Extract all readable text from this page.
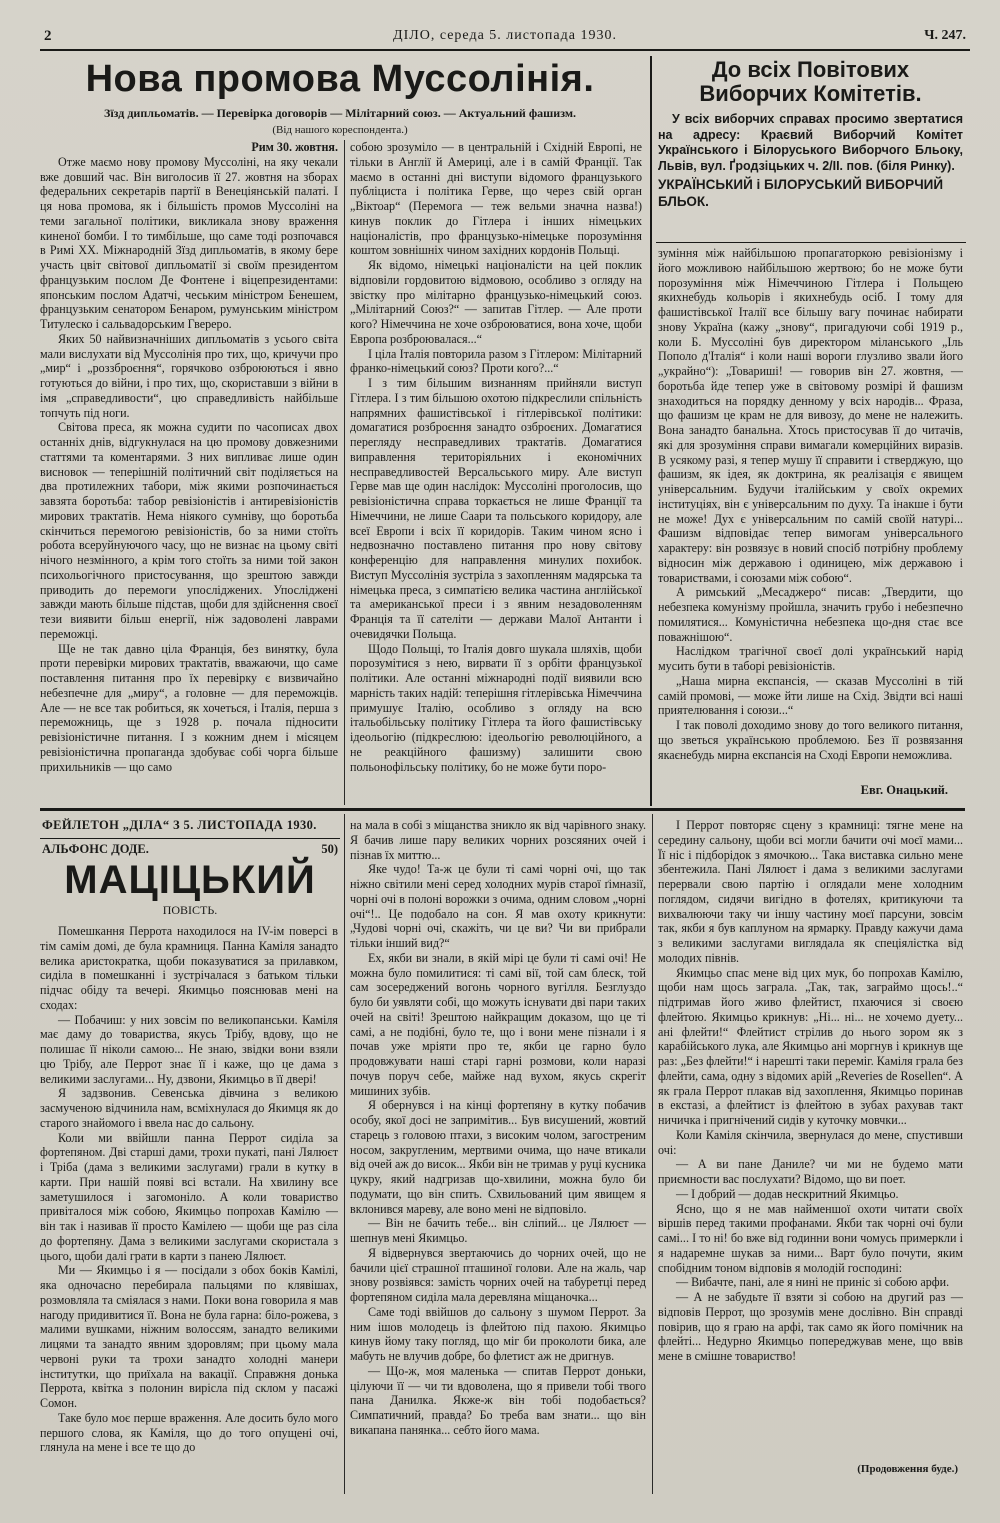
2	ДІЛО, середа 5. листопада 1930.	Ч. 247.
Нова промова Муссолінія.
Зїзд дипльоматів. — Перевірка договорів — Мілітарний союз. — Актуальний фашизм.
(Від нашого кореспондента.)

Рим 30. жовтня.

Отже маємо нову промову Муссоліні, на яку чекали вже довший час. Він виголосив її 27. жовтня на зборах федеральних секретарів партії в Венеціянській палаті. І ця нова промова, як і більшість промов Муссоліні на теми загальної політики, викликала знову враження киненої бомби. І то тимбільше, що саме тоді розпочався в Римі XX. Міжнародній Зїзд дипльоматів, в якому бере участь цвіт світової дипльоматії зі своїм президентом французьким послом Де Фонтене і віцепрезидентами: японським послом Адатчі, чеським міністром Бенешем, французьким сенатором Бенаром, румунським міністром Титулеско і сальвадорським Гвереро.

Яких 50 найвизначніших дипльоматів з усього світа мали вислухати від Муссолінія про тих, що, кричучи про „мир“ і „роззброєння“, горячково озброюються і явно готуються до війни, і про тих, що, скориставши з війни в імя „справедливости“, цю справедливість найбільше топчуть під ноги.

Світова преса, як можна судити по часописах двох останніх днів, відгукнулася на цю промову довжезними статтями та коментарями. З них випливає лише один висновок — теперішній політичний світ поділяється на два протилежних табори, між якими розпочинається завзята боротьба: табор ревізіоністів і антиревізіоністів мирових трактатів. Нема ніякого сумніву, що боротьба скінчиться перемогою ревізіоністів, бо за ними стоїть робота всеруйнуючого часу, що не визнає на цьому світі нічого незмінного, а крім того стоїть за ними той закон психольогічного пристосування, що зрештою завжди приводить до перемоги упосліджених. Упосліджені завжди мають більше підстав, щоби для здійснення своєї тези виявити більш енергії, ніж задоволені лаврами переможці.

Ще не так давно ціла Франція, без винятку, була проти перевірки мирових трактатів, вважаючи, що саме поставлення питання про їх перевірку є визвичайно небезпечне для „миру“, а головне — для переможців. Але — не все так робиться, як хочеться, і Італія, перша з переможниць, ще з 1928 р. почала підносити ревізіоністичне питання. І з кожним днем і місяцем ревізіоністична пропаганда здобуває собі чорга більше прихильників — що само

собою зрозуміло — в центральній і Східній Европі, не тільки в Англії й Америці, але і в самій Франції. Так маємо в останні дні виступи відомого французького публіциста і політика Герве, що через свій орган „Віктоар“ (Перемога — теж вельми значна назва!) кинув поклик до Гітлера і інших німецьких націоналістів, про французько-німецьке порозуміння коштом зовнішніх чином західних кордонів Польщі.

Як відомо, німецькі націоналісти на цей поклик відповіли гордовитою відмовою, особливо з огляду на звістку про мілітарно французько-німецький союз. „Мілітарний Союз?“ — запитав Гітлер. — Але проти кого? Німеччина не хоче озброюватися, вона хоче, щоби Европа розброювалася...“

І ціла Італія повторила разом з Гітлером: Мілітарний франко-німецький союз? Проти кого?...“

І з тим більшим визнанням прийняли виступ Гітлера. І з тим більшою охотою підкреслили спільність напрямних фашистівської і гітлерівської політики: домагатися розброєння занадто озброєних. Домагатися перегляду несправедливих трактатів. Домагатися виправлення територіяльних і економічних несправедливостей Версальського миру. Але виступ Герве мав ще один наслідок: Муссоліні проголосив, що ревізіоністична справа торкається не лише Франції та Німеччини, не лише Саари та польського коридору, але всеї Европи і всіх її коридорів. Таким чином ясно і недвозначно поставлено питання про нову світову конференцію для направлення минулих похибок. Виступ Муссолінія зустріла з захопленням мадярська та німецька преса, з симпатією велика частина англійської та американської преси і з явним незадоволенням Франція та її сателіти — держави Малої Антанти і очевидячки Польща.

Щодо Польщі, то Італія довго шукала шляхів, щоби порозумітися з нею, вирвати її з орбіти французької політики. Але останні міжнародні події виявили всю марність таких надій: теперішня гітлерівська Німеччина примушує Італію, особливо з огляду на всю італьобільську політику Гітлера та його фашистівську ідеольогію (підкреслюю: ідеольогію революційного, а не реакційного фашизму) залишити свою польонофільську політику, бо не може бути поро-

До всіх Повітових
Виборчих Комітетів.

У всіх виборчих справах просимо звертатися на адресу: Краєвий Виборчий Комітет Українського і Білоруського Виборчого Бльоку, Львів, вул. Ґродзіцьких ч. 2/II. пов. (біля Ринку).

УКРАЇНСЬКИЙ і БІЛОРУСЬКИЙ ВИБОРЧИЙ БЛЬОК.

зуміння між найбільшою пропагаторкою ревізіонізму і його можливою найбільшою жертвою; бо не може бути порозуміння між Німеччиною Гітлера і Польщею якихнебудь кольорів і якихнебудь осіб. І тому для фашистівської Італії все більшу вагу починає набирати знову Україна (кажу „знову“, пригадуючи собі 1919 р., коли Б. Муссоліні був директором міланського „Іль Пополо д'Італія“ і коли наші вороги глузливо звали його „украйно“): „Товариші! — говорив він 27. жовтня, — боротьба йде тепер уже в світовому розмірі й фашизм знаходиться на порядку денному у всіх народів... Фраза, що фашизм це крам не для вивозу, до мене не належить. Вона занадто банальна. Хтось пристосував її до читачів, які для зрозуміння справи вимагали комерційних виразів. В усякому разі, я тепер мушу її справити і стверджую, що фашизм, як ідея, як доктрина, як реалізація є явищем універсальним. Будучи італійським у своїх окремих інституціях, він є універсальним по духу. Та інакше і бути не може! Дух є універсальним по самій своїй натурі... Фашизм відповідає тепер вимогам універсального характеру: він розвязує в новий спосіб потрібну проблему відносин між державою і одиницею, між державою і товариствами, і союзами між собою“.

А римський „Месаджеро“ писав: „Твердити, що небезпека комунізму пройшла, значить грубо і небезпечно помилятися... Комуністична небезпека що-дня стає все поважнішою“.

Наслідком трагічної своєї долі український нарід мусить бути в таборі ревізіоністів.

„Наша мирна експансія, — сказав Муссоліні в тій самій промові, — може йти лише на Схід. Звідти всі наші приятелювання і союзи...“

І так поволі доходимо знову до того великого питання, що зветься українською проблемою. Без її розвязання якаєнебудь мирна експансія на Сході Европи неможлива.

Евг. Онацький.
ФЕЙЛЕТОН „ДІЛА“ З 5. ЛИСТОПАДА 1930.
АЛЬФОНС ДОДЕ.	50)
МАЦІЦЬКИЙ
ПОВІСТЬ.

Помешкання Перрота находилося на IV-ім поверсі в тім самім домі, де була крамниця. Панна Каміля занадто велика аристократка, щоби показуватися за прилавком, сиділа в помешканні і зустрічалася з батьком тільки підчас обіду та вечері. Якимцьо пояснював мені на сходах:

— Побачиш: у них зовсім по великопанськи. Каміля має даму до товариства, якусь Трібу, вдову, що не полишає її ніколи самою... Не знаю, звідки вони взяли цю Трібу, але Перрот знає її і каже, що це дама з великими заслугами... Ну, дзвони, Якимцьо в її двері!

Я задзвонив. Севенська дівчина з великою засмученою відчинила нам, всміхнулася до Якимця як до старого знайомого і ввела нас до сальону.

Коли ми ввійшли панна Перрот сиділа за фортепяном. Дві старші дами, трохи пукаті, пані Лялюєт і Тріба (дама з великими заслугами) грали в кутку в карти. При нашій появі всі встали. На хвилину все заметушилося і загомоніло. А коли товариство привіталося між собою, Якимцьо попрохав Камілю — він так і називав її просто Камілею — щоби ще раз сіла до фортепяну. Дама з великими заслугами скористала з цього, щоби далі грати в карти з панею Лялюєт.

Ми — Якимцьо і я — посідали з обох боків Камілі, яка одночасно перебирала пальцями по клявішах, розмовляла та сміялася з нами. Поки вона говорила я мав нагоду придивитися її. Вона не була гарна: біло-рожева, з малими вушками, ніжним волоссям, занадто великими лицями та занадто явним здоровлям; при цьому мала червоні руки та трохи занадто холодні манери інститутки, що приїхала на вакації. Справжня донька Перрота, квітка з полонин вирісла під склом у пасажі Сомон.

Таке було моє перше враження. Але досить було мого першого слова, як Каміля, що до того опущені очі, глянула на мене і все те що до

на мала в собі з міщанства зникло як від чарівного знаку. Я бачив лише пару великих чорних розсяяних очей і пізнав їх миттю...

Яке чудо! Та-ж це були ті самі чорні очі, що так ніжно світили мені серед холодних мурів старої ґімназії, чорні очі в полоні ворожки з очима, одним словом „чорні очі“!.. Це подобало на сон. Я мав охоту крикнути: „Чудові чорні очі, скажіть, чи це ви? Чи ви прибрали тільки інший вид?“

Ех, якби ви знали, в якій мірі це були ті самі очі! Не можна було помилитися: ті самі вії, той сам блеск, той сам зосереджений вогонь чорного вугілля. Безглуздо було би уявляти собі, що можуть існувати дві пари таких очей на світі! Зрештою найкращим доказом, що це ті самі, а не подібні, було те, що і вони мене пізнали і я почав уже мріяти про те, якби це гарно було продовжувати наші старі гарні розмови, коли наразі почув поруч себе, майже над вухом, якусь скрегіт мишиних зубів.

Я обернувся і на кінці фортепяну в кутку побачив особу, якої досі не запримітив... Був висушений, жовтий старець з головою птахи, з високим чолом, загостреним носом, закругленим, мертвими очима, що наче втикали від очей аж до висок... Якби він не тримав у руці кусника цукру, який надгризав що-хвилини, можна було би подумати, що він спить. Схвильований цим явищем я вклонився мареву, але воно мені не відповіло.

— Він не бачить тебе... він сліпий... це Лялюєт — шепнув мені Якимцьо.

Я відвернувся звертаючись до чорних очей, що не бачили цієї страшної пташиної голови. Але на жаль, чар знову розвіявся: замість чорних очей на табуретці перед фортепяном сиділа мала деревляна міщаночка...

Саме тоді ввійшов до сальону з шумом Перрот. За ним ішов молодець із флейтою під пахою. Якимцьо кинув йому таку погляд, що мiг би проколоти бика, але мабуть не влучив добре, бо флетист аж не дригнув.

— Що-ж, моя маленька — спитав Перрот доньки, цілуючи її — чи ти вдоволена, що я привели тобі твого пана Данилка. Якже-ж він тобі подобається? Симпатичний, правда? Бо треба вам знати... що він викапана панянка... себто його мама.

І Перрот повторяє сцену з крамниці: тягне мене на середину сальону, щоби всі могли бачити очі моєї мами... Її ніс і підборідок з ямочкою... Така виставка сильно мене збентежила. Пані Лялюєт і дама з великими заслугами перервали свою партію і оглядали мене холодним поглядом, сидячи вигідно в фотелях, критикуючи та вихвалюючи таку чи іншу частину моєї парсуни, зовсім так, якби я був каплуном на ярмарку. Правду кажучи дама з великими заслугами виглядала як спеціялістка від молодих півнів.

Якимцьо спас мене від цих мук, бо попрохав Камілю, щоби нам щось заграла. „Так, так, заграймо щось!..“ підтримав його живо флейтист, пхаючися зі своєю флейтою. Якимцьо крикнув: „Ні... ні... не хочемо дуету... ані флейти!“ Флейтист стрілив до нього зором як з карабійського лука, але Якимцьо ані моргнув і крикнув ще раз: „Без флейти!“ і нарешті таки переміг. Каміля грала без флейти, сама, одну з відомих арій „Reveries de Rosellen“. А як грала Перрот плакав від захоплення, Якимцьо поринав в екстазі, а флейтист із флейтою в зубах рахував такт ничичка і пригнічений сидів у куточку мовчки...

Коли Каміля скінчила, звернулася до мене, спустивши очі:

— А ви пане Даниле? чи ми не будемо мати приємности вас послухати? Відомо, що ви поет.

— І добрий — додав нескритний Якимцьо.

Ясно, що я не мав найменшої охоти читати своїх віршів перед такими профанами. Якби так чорні очі були самі... І то ні! бо вже від годинни вони чомусь примеркли і я надаремне шукав за ними... Варт було почути, яким спобідним тоном відповів я молодій господині:

— Вибачте, пані, але я нині не приніс зі собою арфи.

— А не забудьте її взяти зі собою на другий раз — відповів Перрот, що зрозумів мене дослівно. Він справді повірив, що я граю на арфі, так само як його помічник на флейті... Недурно Якимцьо попереджував мене, що ввів мене в смішне товариство!

(Продовження буде.)
